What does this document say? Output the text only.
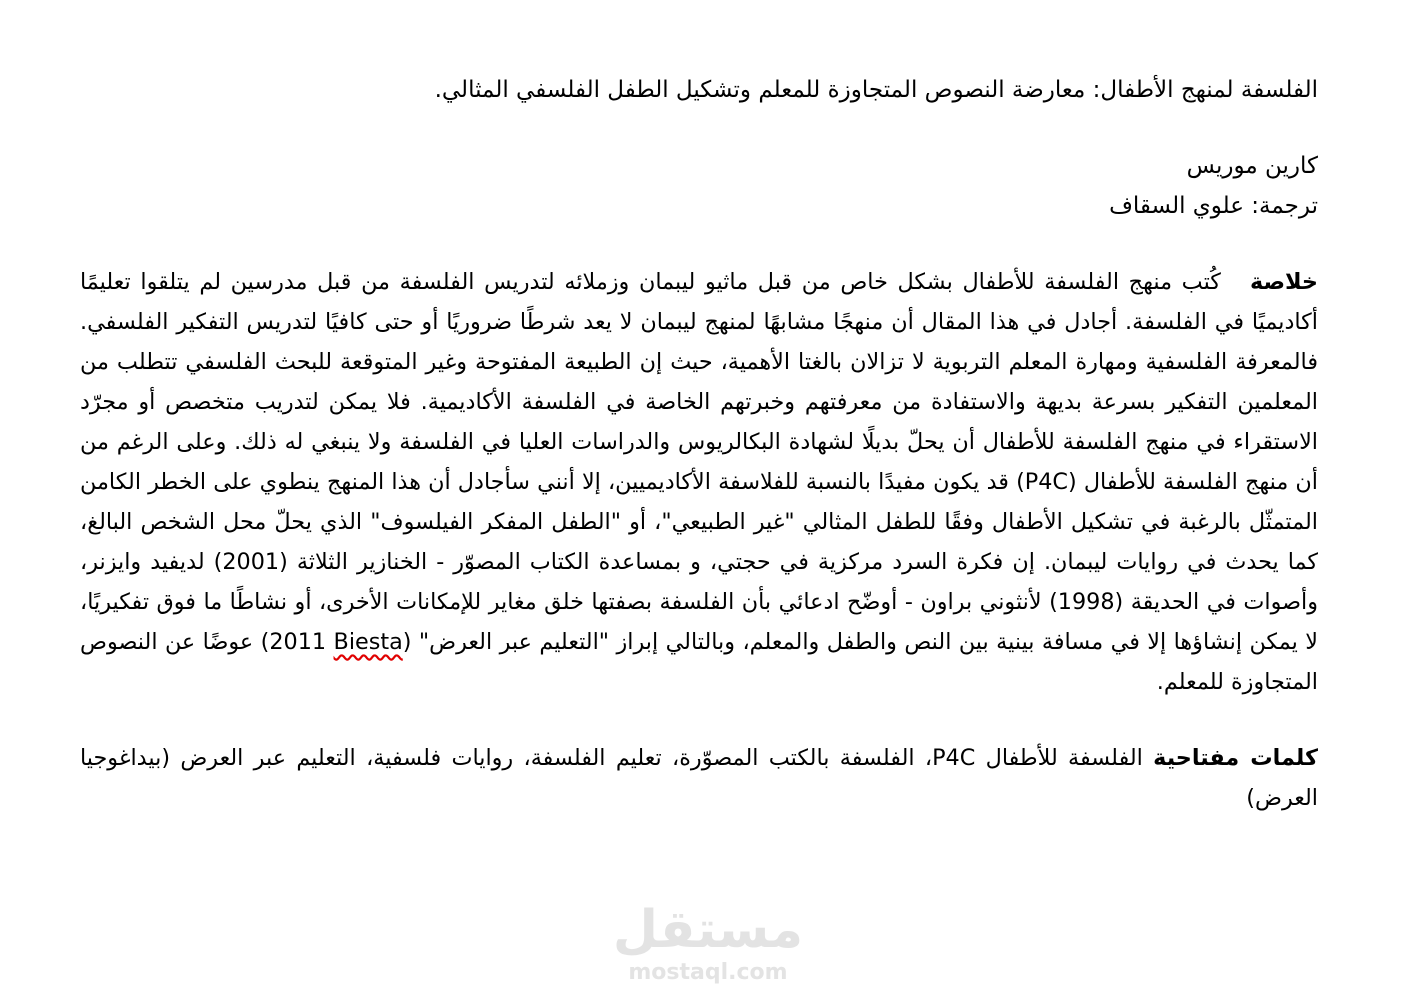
الفلسفة لمنهج الأطفال: معارضة النصوص المتجاوزة للمعلم وتشكيل الطفل الفلسفي المثالي.

كارين موريس
ترجمة: علوي السقاف

خلاصة   كُتب منهج الفلسفة للأطفال بشكل خاص من قبل ماثيو ليبمان وزملائه لتدريس الفلسفة من قبل مدرسين لم يتلقوا تعليمًا أكاديميًا في الفلسفة. أجادل في هذا المقال أن منهجًا مشابهًا لمنهج ليبمان لا يعد شرطًا ضروريًا أو حتى كافيًا لتدريس التفكير الفلسفي. فالمعرفة الفلسفية ومهارة المعلم التربوية لا تزالان بالغتا الأهمية، حيث إن الطبيعة المفتوحة وغير المتوقعة للبحث الفلسفي تتطلب من المعلمين التفكير بسرعة بديهة والاستفادة من معرفتهم وخبرتهم الخاصة في الفلسفة الأكاديمية. فلا يمكن لتدريب متخصص أو مجرّد الاستقراء في منهج الفلسفة للأطفال أن يحلّ بديلًا لشهادة البكالريوس والدراسات العليا في الفلسفة ولا ينبغي له ذلك. وعلى الرغم من أن منهج الفلسفة للأطفال (P4C) قد يكون مفيدًا بالنسبة للفلاسفة الأكاديميين، إلا أنني سأجادل أن هذا المنهج ينطوي على الخطر الكامن المتمثّل بالرغبة في تشكيل الأطفال وفقًا للطفل المثالي "غير الطبيعي"، أو "الطفل المفكر الفيلسوف" الذي يحلّ محل الشخص البالغ، كما يحدث في روايات ليبمان. إن فكرة السرد مركزية في حجتي، و بمساعدة الكتاب المصوّر - الخنازير الثلاثة (2001) لديفيد وايزنر، وأصوات في الحديقة (1998) لأنثوني براون - أوضّح ادعائي بأن الفلسفة بصفتها خلق مغاير للإمكانات الأخرى، أو نشاطًا ما فوق تفكيريًا، لا يمكن إنشاؤها إلا في مسافة بينية بين النص والطفل والمعلم، وبالتالي إبراز "التعليم عبر العرض" (Biesta 2011) عوضًا عن النصوص المتجاوزة للمعلم.

كلمات مفتاحية الفلسفة للأطفال P4C، الفلسفة بالكتب المصوّرة، تعليم الفلسفة، روايات فلسفية، التعليم عبر العرض (بيداغوجيا العرض)

مستقل
mostaql.com
